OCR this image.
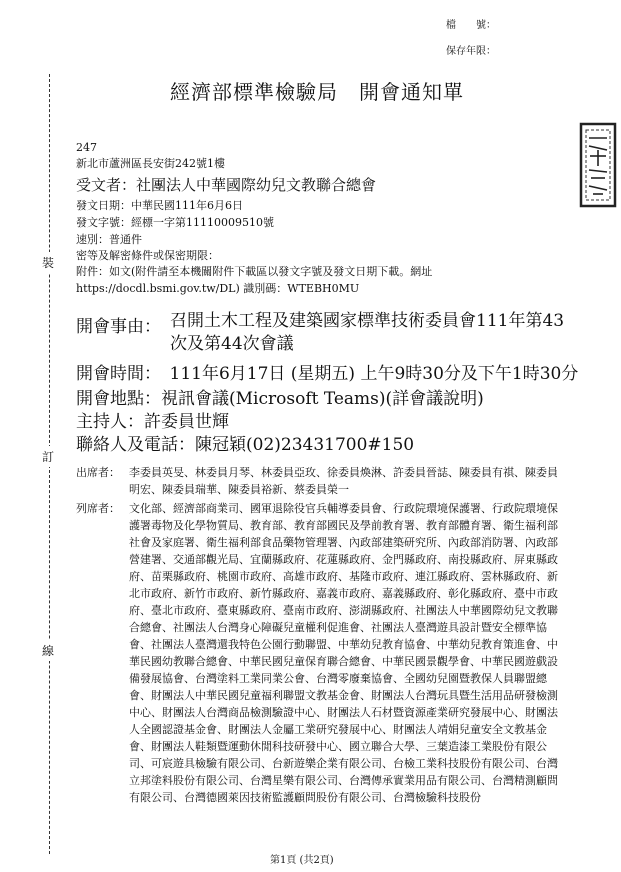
檔　　號：
保存年限：
經濟部標準檢驗局　開會通知單
裝
訂
線
247
新北市蘆洲區長安街242號1樓
受文者：社團法人中華國際幼兒文教聯合總會
發文日期：中華民國111年6月6日
發文字號：經標一字第11110009510號
速別：普通件
密等及解密條件或保密期限：
附件：如文(附件請至本機關附件下載區以發文字號及發文日期下載。網址https://docdl.bsmi.gov.tw/DL) 識別碼：WTEBH0MU
開會事由： 召開土木工程及建築國家標準技術委員會111年第43
次及第44次會議
開會時間：　111年6月17日 (星期五) 上午9時30分及下午1時30分
開會地點：視訊會議(Microsoft Teams)(詳會議說明)
主持人：許委員世輝
聯絡人及電話：陳冠穎(02)23431700#150
出席者： 李委員英旻、林委員月琴、林委員亞玫、徐委員煥淋、許委員晉誌、陳委員有祺、陳委員明宏、陳委員瑞華、陳委員裕新、蔡委員榮一
列席者： 文化部、經濟部商業司、國軍退除役官兵輔導委員會、行政院環境保護署、行政院環境保護署毒物及化學物質局、教育部、教育部國民及學前教育署、教育部體育署、衛生福利部社會及家庭署、衛生福利部食品藥物管理署、內政部建築研究所、內政部消防署、內政部營建署、交通部觀光局、宜蘭縣政府、花蓮縣政府、金門縣政府、南投縣政府、屏東縣政府、苗栗縣政府、桃園市政府、高雄市政府、基隆市政府、連江縣政府、雲林縣政府、新北市政府、新竹市政府、新竹縣政府、嘉義市政府、嘉義縣政府、彰化縣政府、臺中市政府、臺北市政府、臺東縣政府、臺南市政府、澎湖縣政府、社團法人中華國際幼兒文教聯合總會、社團法人台灣身心障礙兒童權利促進會、社團法人臺灣遊具設計暨安全標準協會、社團法人臺灣還我特色公園行動聯盟、中華幼兒教育協會、中華幼兒教育策進會、中華民國幼教聯合總會、中華民國兒童保育聯合總會、中華民國景觀學會、中華民國遊戲設備發展協會、台灣塗料工業同業公會、台灣零廢棄協會、全國幼兒園暨教保人員聯盟總會、財團法人中華民國兒童福利聯盟文教基金會、財團法人台灣玩具暨生活用品研發檢測中心、財團法人台灣商品檢測驗證中心、財團法人石材暨資源產業研究發展中心、財團法人全國認證基金會、財團法人金屬工業研究發展中心、財團法人靖娟兒童安全文教基金會、財團法人鞋類暨運動休閒科技研發中心、國立聯合大學、三葉造漆工業股份有限公司、可宸遊具檢驗有限公司、台新遊樂企業有限公司、台檢工業科技股份有限公司、台灣立邦塗料股份有限公司、台灣星樂有限公司、台灣傳承實業用品有限公司、台灣精測顧問有限公司、台灣德國萊因技術監護顧問股份有限公司、台灣檢驗科技股份
第1頁 (共2頁)
